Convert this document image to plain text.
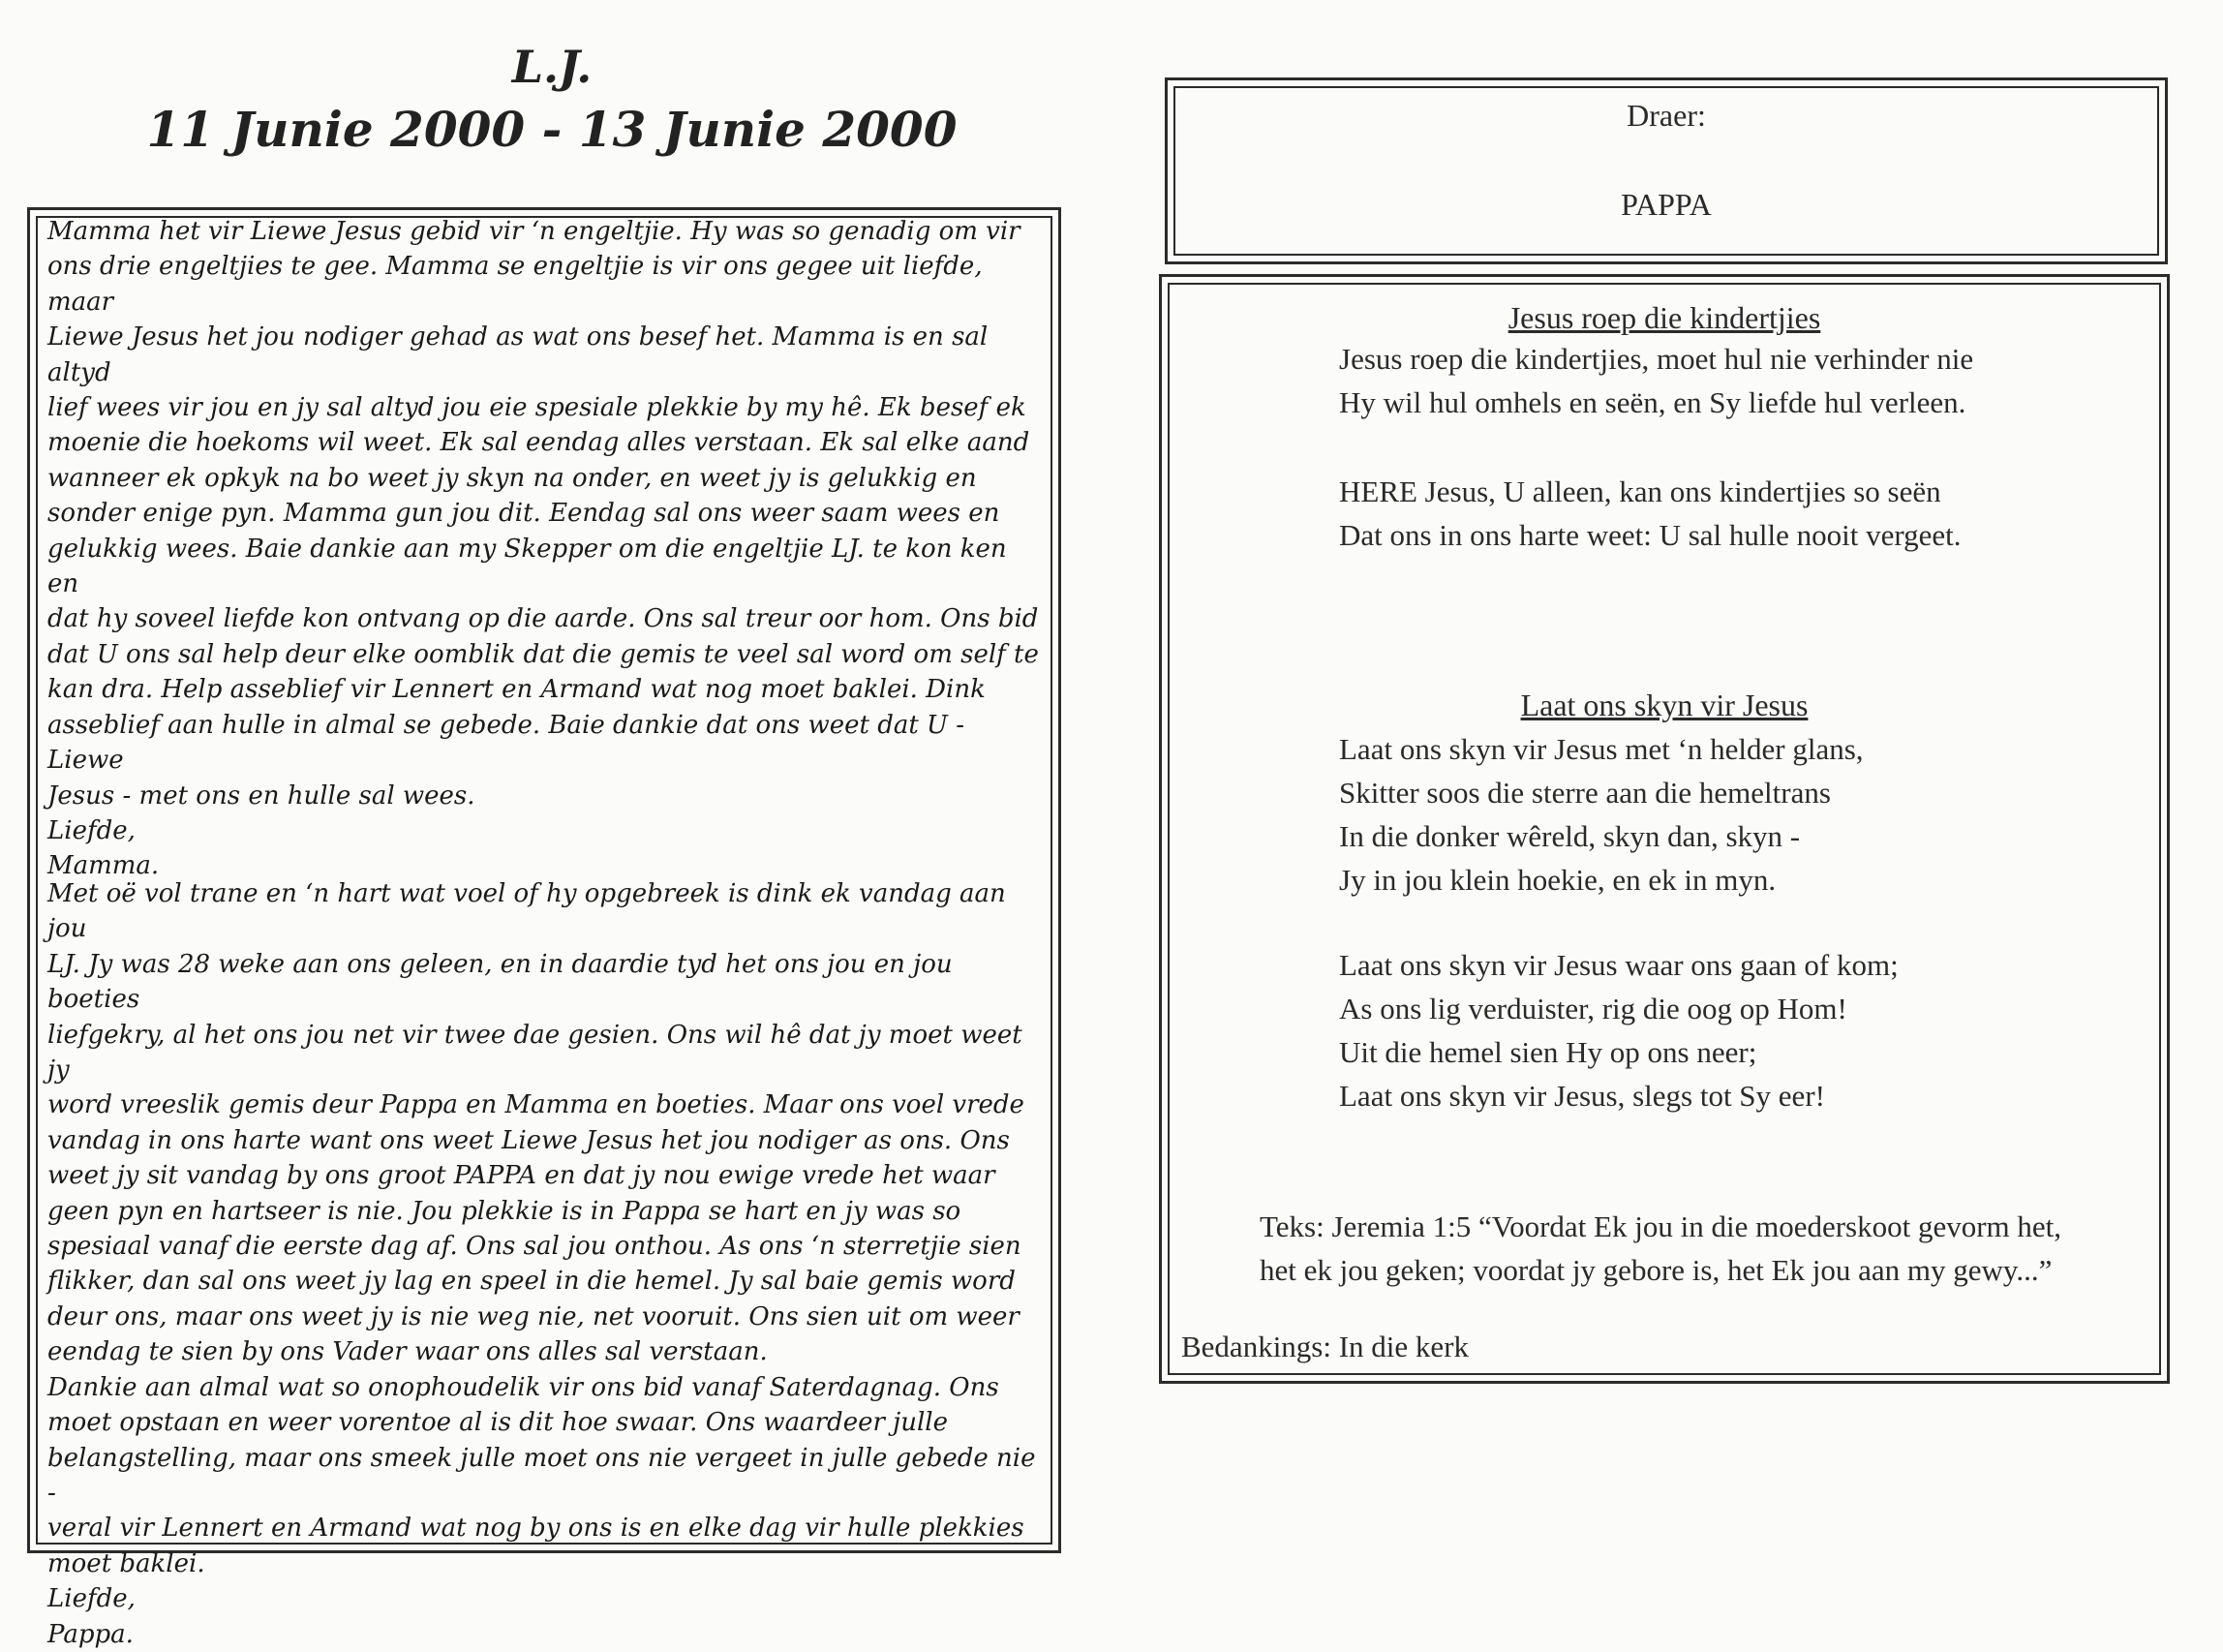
L.J.
11 Junie 2000 - 13 Junie 2000
Mamma het vir Liewe Jesus gebid vir ‘n engeltjie. Hy was so genadig om vir
ons drie engeltjies te gee. Mamma se engeltjie is vir ons gegee uit liefde, maar
Liewe Jesus het jou nodiger gehad as wat ons besef het. Mamma is en sal altyd
lief wees vir jou en jy sal altyd jou eie spesiale plekkie by my hê. Ek besef ek
moenie die hoekoms wil weet. Ek sal eendag alles verstaan. Ek sal elke aand
wanneer ek opkyk na bo weet jy skyn na onder, en weet jy is gelukkig en
sonder enige pyn. Mamma gun jou dit. Eendag sal ons weer saam wees en
gelukkig wees. Baie dankie aan my Skepper om die engeltjie LJ. te kon ken en
dat hy soveel liefde kon ontvang op die aarde. Ons sal treur oor hom. Ons bid
dat U ons sal help deur elke oomblik dat die gemis te veel sal word om self te
kan dra. Help asseblief vir Lennert en Armand wat nog moet baklei. Dink
asseblief aan hulle in almal se gebede. Baie dankie dat ons weet dat U - Liewe
Jesus - met ons en hulle sal wees.
Liefde,
Mamma.
Met oë vol trane en ‘n hart wat voel of hy opgebreek is dink ek vandag aan jou
LJ. Jy was 28 weke aan ons geleen, en in daardie tyd het ons jou en jou boeties
liefgekry, al het ons jou net vir twee dae gesien. Ons wil hê dat jy moet weet jy
word vreeslik gemis deur Pappa en Mamma en boeties. Maar ons voel vrede
vandag in ons harte want ons weet Liewe Jesus het jou nodiger as ons. Ons
weet jy sit vandag by ons groot PAPPA en dat jy nou ewige vrede het waar
geen pyn en hartseer is nie. Jou plekkie is in Pappa se hart en jy was so
spesiaal vanaf die eerste dag af. Ons sal jou onthou. As ons ‘n sterretjie sien
flikker, dan sal ons weet jy lag en speel in die hemel. Jy sal baie gemis word
deur ons, maar ons weet jy is nie weg nie, net vooruit. Ons sien uit om weer
eendag te sien by ons Vader waar ons alles sal verstaan.
Dankie aan almal wat so onophoudelik vir ons bid vanaf Saterdagnag. Ons
moet opstaan en weer vorentoe al is dit hoe swaar. Ons waardeer julle
belangstelling, maar ons smeek julle moet ons nie vergeet in julle gebede nie -
veral vir Lennert en Armand wat nog by ons is en elke dag vir hulle plekkies
moet baklei.
Liefde,
Pappa.
Draer:
PAPPA
Jesus roep die kindertjies
Jesus roep die kindertjies, moet hul nie verhinder nie
Hy wil hul omhels en seën, en Sy liefde hul verleen.
HERE Jesus, U alleen, kan ons kindertjies so seën
Dat ons in ons harte weet: U sal hulle nooit vergeet.
Laat ons skyn vir Jesus
Laat ons skyn vir Jesus met ‘n helder glans,
Skitter soos die sterre aan die hemeltrans
In die donker wêreld, skyn dan, skyn -
Jy in jou klein hoekie, en ek in myn.
Laat ons skyn vir Jesus waar ons gaan of kom;
As ons lig verduister, rig die oog op Hom!
Uit die hemel sien Hy op ons neer;
Laat ons skyn vir Jesus, slegs tot Sy eer!
Teks: Jeremia 1:5 “Voordat Ek jou in die moederskoot gevorm het,
het ek jou geken; voordat jy gebore is, het Ek jou aan my gewy...”
Bedankings: In die kerk
